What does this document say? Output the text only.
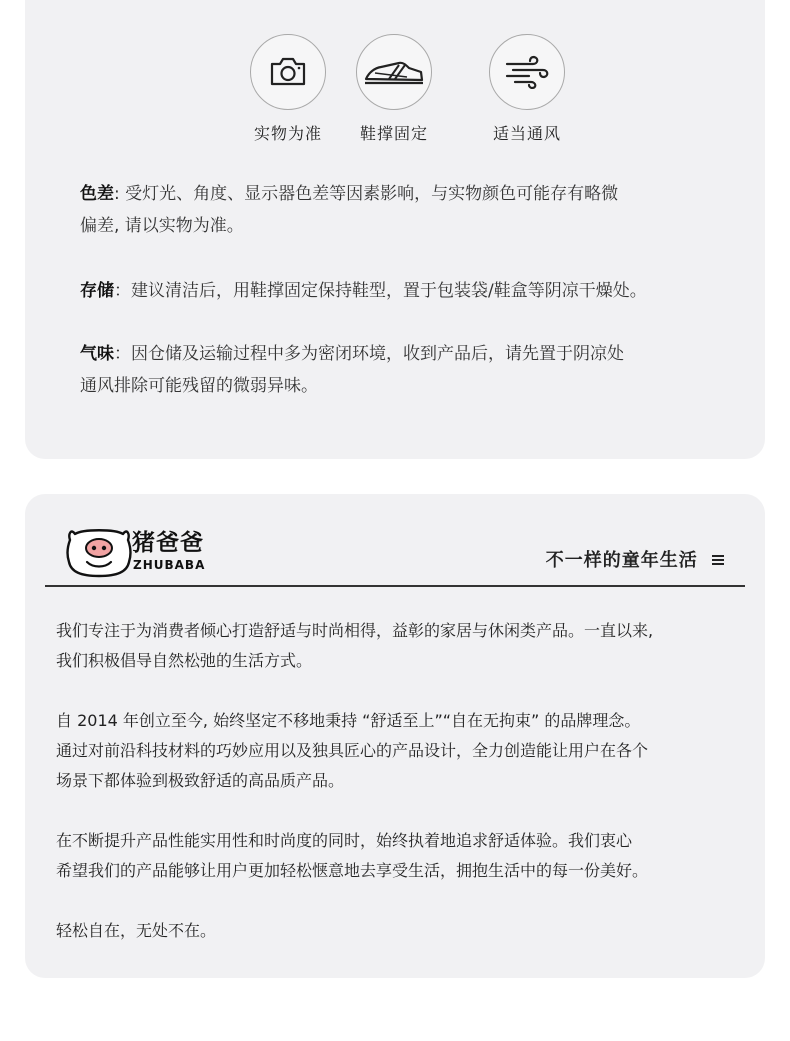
实物为准	鞋撑固定	适当通风
色差: 受灯光、角度、显示器色差等因素影响，与实物颜色可能存有略微
偏差, 请以实物为准。
存储：建议清洁后，用鞋撑固定保持鞋型，置于包装袋/鞋盒等阴凉干燥处。
气味：因仓储及运输过程中多为密闭环境，收到产品后，请先置于阴凉处
通风排除可能残留的微弱异味。
猪爸爸
ZHUBABA	不一样的童年生活
我们专注于为消费者倾心打造舒适与时尚相得，益彰的家居与休闲类产品。一直以来,
我们积极倡导自然松弛的生活方式。
自 2014 年创立至今, 始终坚定不移地秉持 “舒适至上”“自在无拘束” 的品牌理念。
通过对前沿科技材料的巧妙应用以及独具匠心的产品设计，全力创造能让用户在各个
场景下都体验到极致舒适的高品质产品。
在不断提升产品性能实用性和时尚度的同时，始终执着地追求舒适体验。我们衷心
希望我们的产品能够让用户更加轻松惬意地去享受生活，拥抱生活中的每一份美好。
轻松自在，无处不在。
